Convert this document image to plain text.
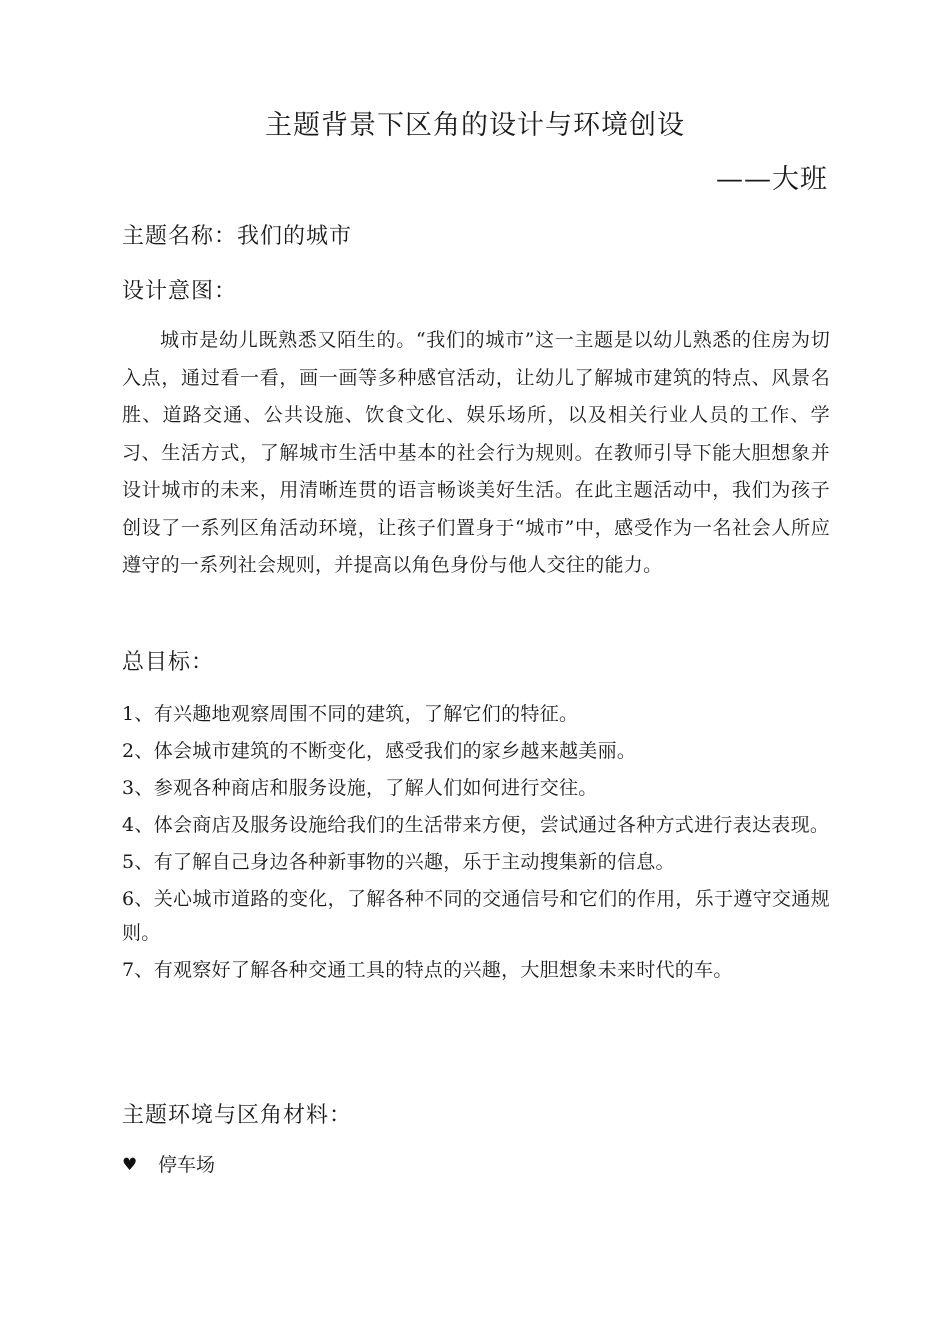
主题背景下区角的设计与环境创设
——大班
主题名称：我们的城市
设计意图：
城市是幼儿既熟悉又陌生的。“我们的城市”这一主题是以幼儿熟悉的住房为切入点，通过看一看，画一画等多种感官活动，让幼儿了解城市建筑的特点、风景名胜、道路交通、公共设施、饮食文化、娱乐场所，以及相关行业人员的工作、学习、生活方式，了解城市生活中基本的社会行为规则。在教师引导下能大胆想象并设计城市的未来，用清晰连贯的语言畅谈美好生活。在此主题活动中，我们为孩子创设了一系列区角活动环境，让孩子们置身于“城市”中，感受作为一名社会人所应遵守的一系列社会规则，并提高以角色身份与他人交往的能力。
总目标：
1、有兴趣地观察周围不同的建筑，了解它们的特征。
2、体会城市建筑的不断变化，感受我们的家乡越来越美丽。
3、参观各种商店和服务设施，了解人们如何进行交往。
4、体会商店及服务设施给我们的生活带来方便，尝试通过各种方式进行表达表现。
5、有了解自己身边各种新事物的兴趣，乐于主动搜集新的信息。
6、关心城市道路的变化，了解各种不同的交通信号和它们的作用，乐于遵守交通规则。
7、有观察好了解各种交通工具的特点的兴趣，大胆想象未来时代的车。
主题环境与区角材料：
♥ 停车场
